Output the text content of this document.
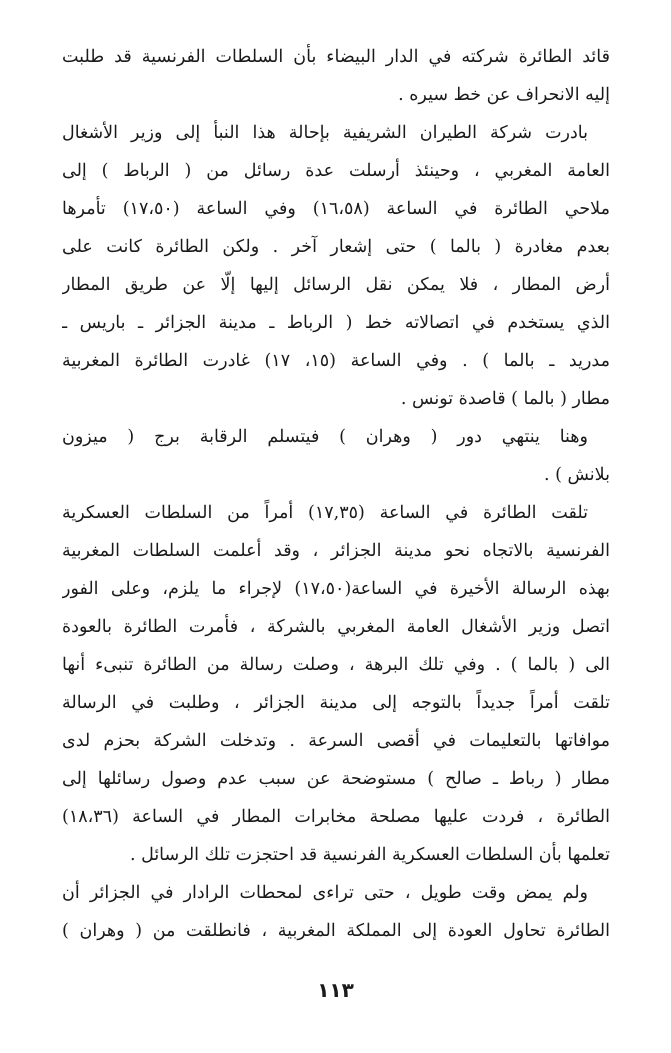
قائد الطائرة شركته في الدار البيضاء بأن السلطات الفرنسية قد طلبت
إليه الانحراف عن خط سيره .
بادرت شركة الطيران الشريفية بإحالة هذا النبأ إلى وزير الأشغال
العامة المغربي ، وحينئذ أرسلت عدة رسائل من ( الرباط ) إلى
ملاحي الطائرة في الساعة (١٦،٥٨) وفي الساعة (١٧،٥٠) تأمرها
بعدم مغادرة ( بالما ) حتى إشعار آخر . ولكن الطائرة كانت على
أرض المطار ، فلا يمكن نقل الرسائل إليها إلّا عن طريق المطار
الذي يستخدم في اتصالاته خط ( الرباط ـ مدينة الجزائر ـ باريس ـ
مدريد ـ بالما ) . وفي الساعة (١٥، ١٧) غادرت الطائرة المغربية
مطار ( بالما ) قاصدة تونس .
وهنا ينتهي دور ( وهران ) فيتسلم الرقابة برج ( ميزون
بلانش ) .
تلقت الطائرة في الساعة (١٧,٣٥) أمراً من السلطات العسكرية
الفرنسية بالاتجاه نحو مدينة الجزائر ، وقد أعلمت السلطات المغربية
بهذه الرسالة الأخيرة في الساعة(١٧،٥٠) لإجراء ما يلزم، وعلى الفور
اتصل وزير الأشغال العامة المغربي بالشركة ، فأمرت الطائرة بالعودة
الى ( بالما ) . وفي تلك البرهة ، وصلت رسالة من الطائرة تنبىء أنها
تلقت أمراً جديداً بالتوجه إلى مدينة الجزائر ، وطلبت في الرسالة
موافاتها بالتعليمات في أقصى السرعة . وتدخلت الشركة بحزم لدى
مطار ( رباط ـ صالح ) مستوضحة عن سبب عدم وصول رسائلها إلى
الطائرة ، فردت عليها مصلحة مخابرات المطار في الساعة (١٨،٣٦)
تعلمها بأن السلطات العسكرية الفرنسية قد احتجزت تلك الرسائل .
ولم يمض وقت طويل ، حتى تراءى لمحطات الرادار في الجزائر أن
الطائرة تحاول العودة إلى المملكة المغربية ، فانطلقت من ( وهران )
١١٣
